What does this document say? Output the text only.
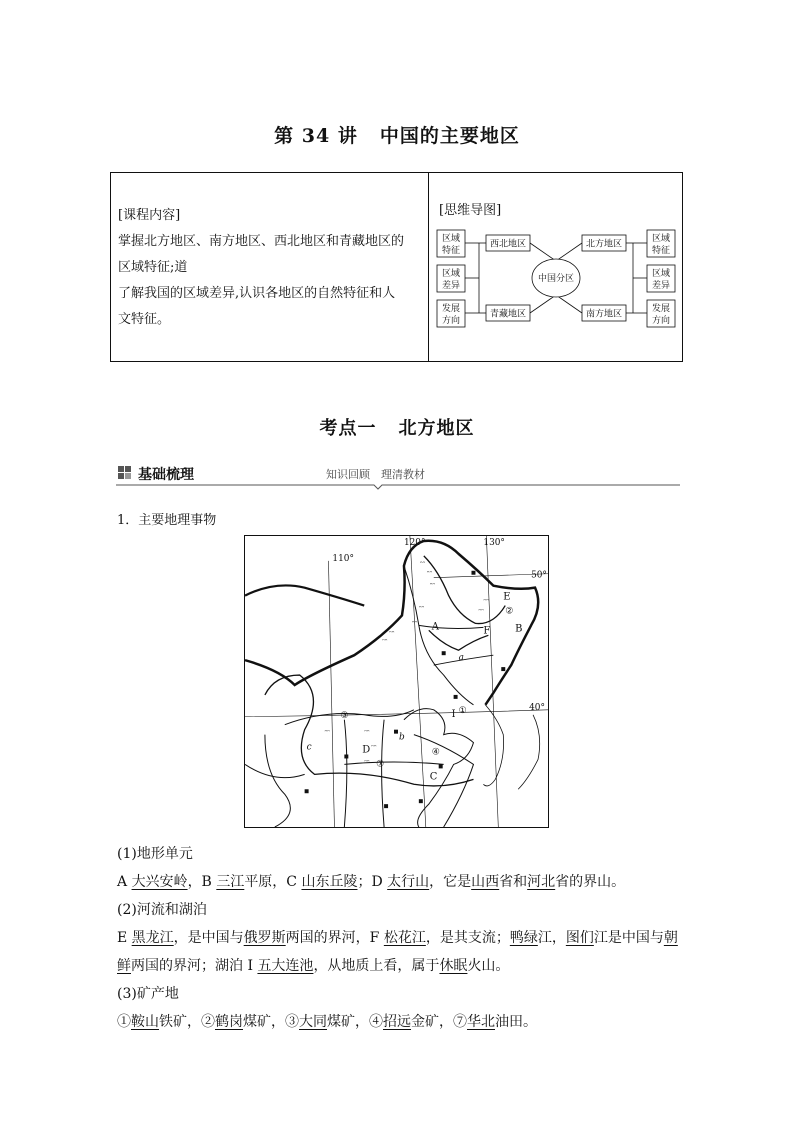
第 34 讲 中国的主要地区
[课程内容]
掌握北方地区、南方地区、西北地区和青藏地区的
区域特征;道
了解我国的区域差异,认识各地区的自然特征和人
文特征。
[思维导图]
区域
特征
区域
差异
发展
方向
区域
特征
区域
差异
发展
方向
西北地区	北方地区
青藏地区	南方地区
中国分区
考点一 北方地区
基础梳理	知识回顾　理清教材
1．主要地理事物
110°
120°	130°
50°
40°
ᵔᵔ
ᵔᵔ
ᵔᵔ
ᵔᵔ
ᵔᵔ
ᵔᵔ
ᵔᵔ
ᵔᵔ
ᵔᵔ
ᵔᵔ
ᵔᵔ
ᵔᵔ
ᵔᵔ
A	B
C
D
E
F
I ①
②
③
④
⑦
a
b
c

(1)地形单元

A 大兴安岭，B 三江平原，C 山东丘陵；D 太行山，它是山西省和河北省的界山。

(2)河流和湖泊

E 黑龙江，是中国与俄罗斯两国的界河，F 松花江，是其支流；鸭绿江，图们江是中国与朝
鲜两国的界河；湖泊 I 五大连池，从地质上看，属于休眠火山。

(3)矿产地

①鞍山铁矿，②鹤岗煤矿，③大同煤矿，④招远金矿，⑦华北油田。
